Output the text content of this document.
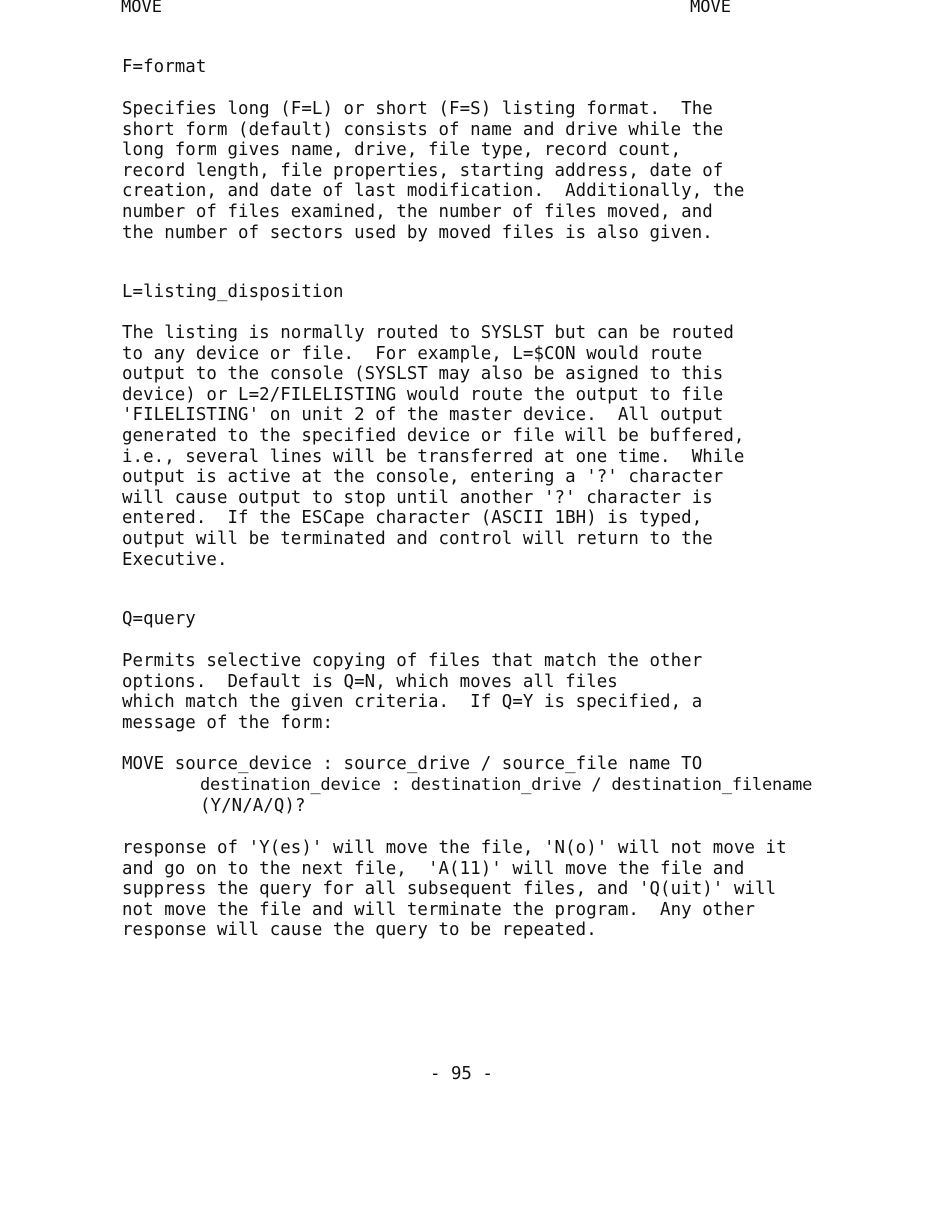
MOVE	MOVE
F=format
Specifies long (F=L) or short (F=S) listing format.  The
short form (default) consists of name and drive while the
long form gives name, drive, file type, record count,
record length, file properties, starting address, date of
creation, and date of last modification.  Additionally, the
number of files examined, the number of files moved, and
the number of sectors used by moved files is also given.
L=listing_disposition
The listing is normally routed to SYSLST but can be routed
to any device or file.  For example, L=$CON would route
output to the console (SYSLST may also be asigned to this
device) or L=2/FILELISTING would route the output to file
'FILELISTING' on unit 2 of the master device.  All output
generated to the specified device or file will be buffered,
i.e., several lines will be transferred at one time.  While
output is active at the console, entering a '?' character
will cause output to stop until another '?' character is
entered.  If the ESCape character (ASCII 1BH) is typed,
output will be terminated and control will return to the
Executive.
Q=query
Permits selective copying of files that match the other
options.  Default is Q=N, which moves all files
which match the given criteria.  If Q=Y is specified, a
message of the form:
MOVE source_device : source_drive / source_file name TO
destination_device : destination_drive / destination_filename
(Y/N/A/Q)?
response of 'Y(es)' will move the file, 'N(o)' will not move it
and go on to the next file,  'A(11)' will move the file and
suppress the query for all subsequent files, and 'Q(uit)' will
not move the file and will terminate the program.  Any other
response will cause the query to be repeated.
- 95 -
